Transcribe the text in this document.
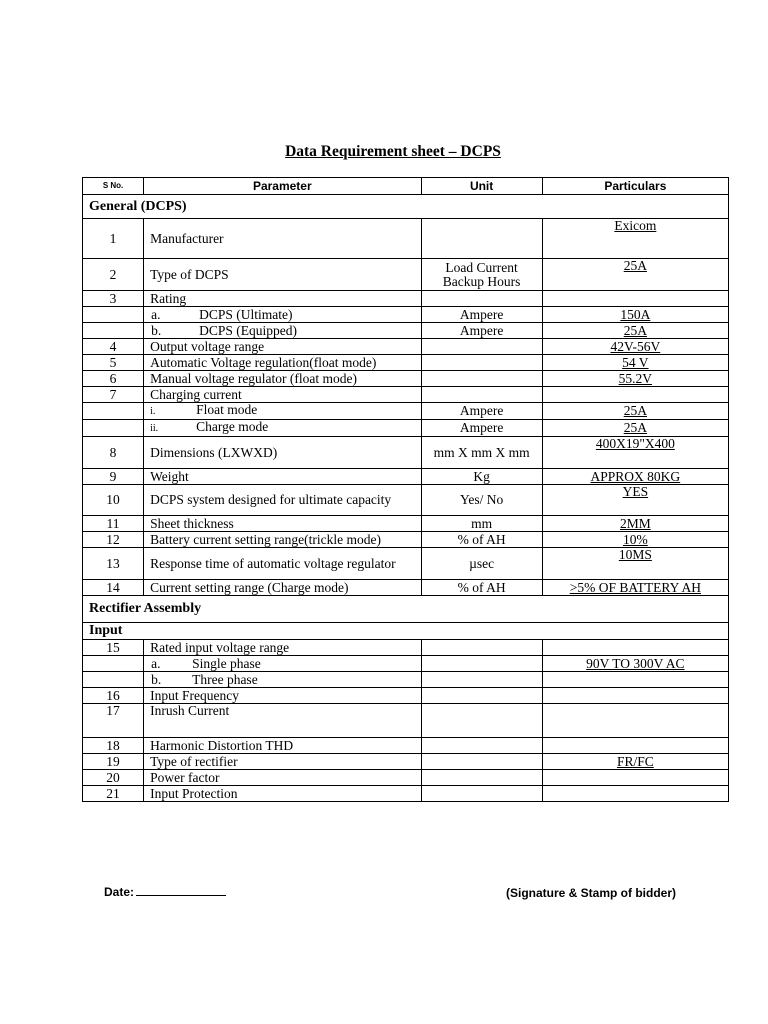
Data Requirement sheet – DCPS
S No.	Parameter	Unit	Particulars
General (DCPS)			
1	Manufacturer		Exicom
2	Type of DCPS	Load Current Backup Hours	25A
3	Rating		
	a. DCPS (Ultimate)	Ampere	150A
	b. DCPS (Equipped)	Ampere	25A
4	Output voltage range		42V-56V
5	Automatic Voltage regulation(float mode)		54 V
6	Manual voltage regulator (float mode)		55.2V
7	Charging current		
	i. Float mode	Ampere	25A
	ii. Charge mode	Ampere	25A
8	Dimensions (LXWXD)	mm X mm X mm	400X19"X400
9	Weight	Kg	APPROX 80KG
10	DCPS system designed for ultimate capacity	Yes/ No	YES
11	Sheet thickness	mm	2MM
12	Battery current setting range(trickle mode)	% of AH	10%
13	Response time of automatic voltage regulator	µsec	10MS
14	Current setting range (Charge mode)	% of AH	>5% OF BATTERY AH
Rectifier Assembly			
Input			
15	Rated input voltage range		
	a. Single phase		90V TO 300V AC
	b. Three phase		
16	Input Frequency		
17	Inrush Current		
18	Harmonic Distortion THD		
19	Type of rectifier		FR/FC
20	Power factor		
21	Input Protection		
Date:	(Signature & Stamp of bidder)
